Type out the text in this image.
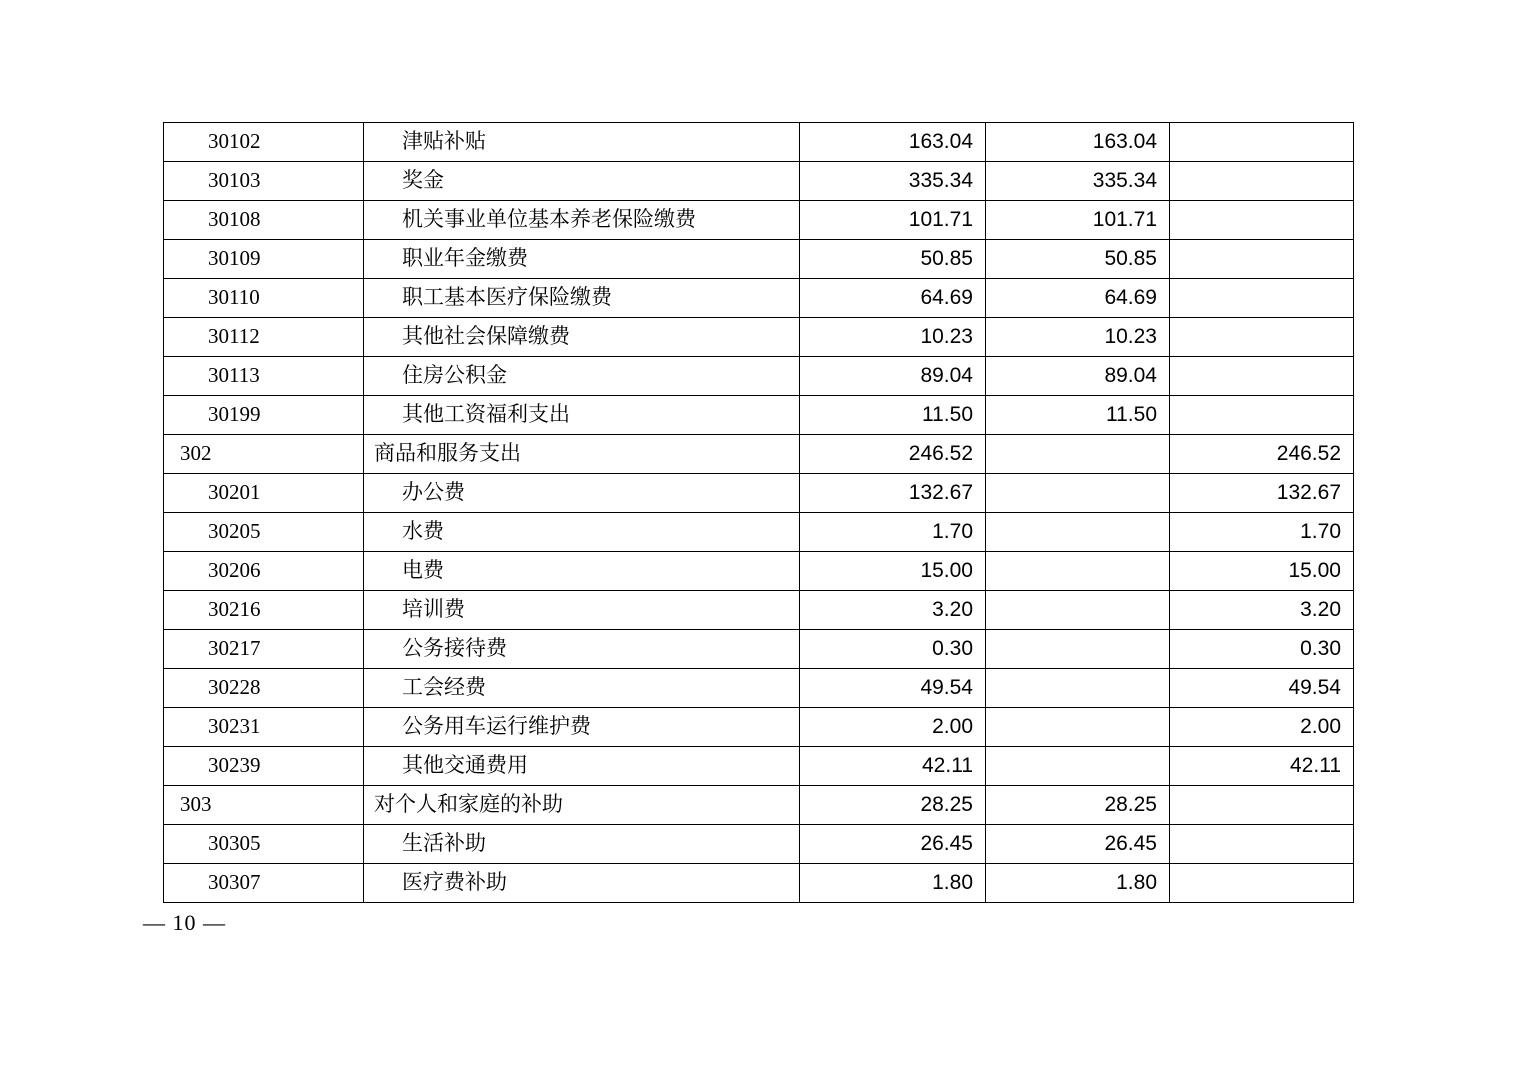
30102	津贴补贴	163.04	163.04	
30103	奖金	335.34	335.34	
30108	机关事业单位基本养老保险缴费	101.71	101.71	
30109	职业年金缴费	50.85	50.85	
30110	职工基本医疗保险缴费	64.69	64.69	
30112	其他社会保障缴费	10.23	10.23	
30113	住房公积金	89.04	89.04	
30199	其他工资福利支出	11.50	11.50	
302	商品和服务支出	246.52		246.52
30201	办公费	132.67		132.67
30205	水费	1.70		1.70
30206	电费	15.00		15.00
30216	培训费	3.20		3.20
30217	公务接待费	0.30		0.30
30228	工会经费	49.54		49.54
30231	公务用车运行维护费	2.00		2.00
30239	其他交通费用	42.11		42.11
303	对个人和家庭的补助	28.25	28.25	
30305	生活补助	26.45	26.45	
30307	医疗费补助	1.80	1.80	
— 10 —
